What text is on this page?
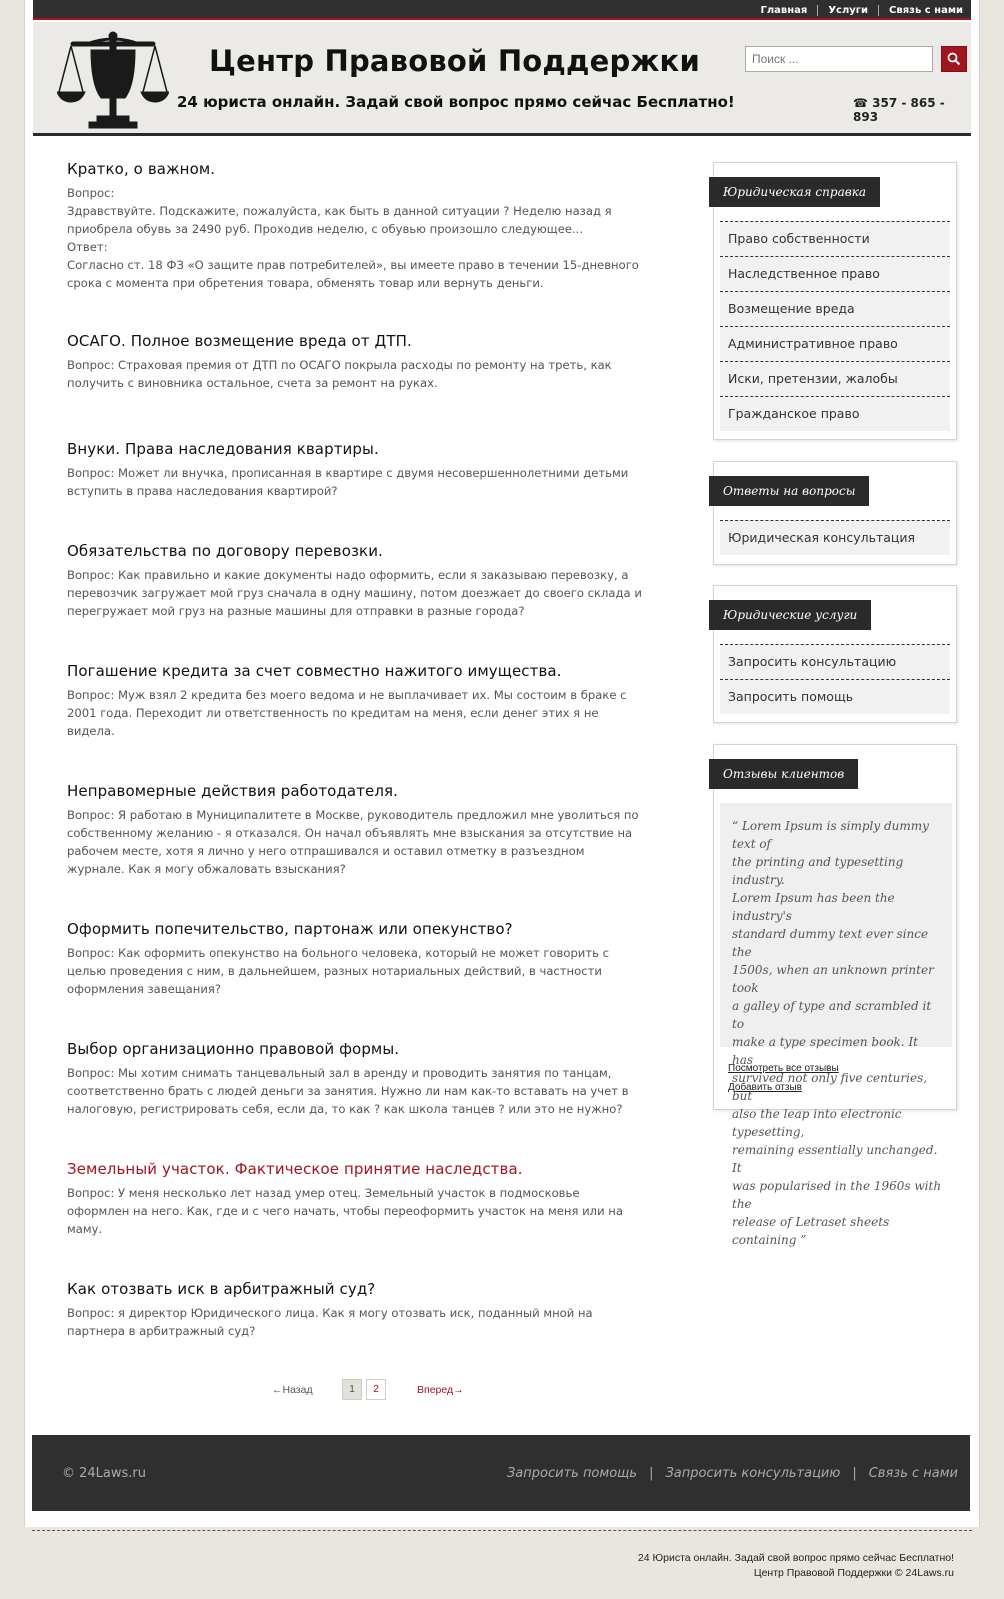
Главная Услуги Связь с нами
Центр Правовой Поддержки
24 юриста онлайн. Задай свой вопрос прямо сейчас Бесплатно!
Поиск ...	☎ 357 - 865 - 893
Кратко, о важном.

Вопрос:
Здравствуйте. Подскажите, пожалуйста, как быть в данной ситуации ? Неделю назад я
приобрела обувь за 2490 руб. Проходив неделю, с обувью произошло следующее...
Ответ:
Согласно ст. 18 ФЗ «О защите прав потребителей», вы имеете право в течении 15-дневного
срока с момента при обретения товара, обменять товар или вернуть деньги.

ОСАГО. Полное возмещение вреда от ДТП.

Вопрос: Страховая премия от ДТП по ОСАГО покрыла расходы по ремонту на треть, как
получить с виновника остальное, счета за ремонт на руках.

Внуки. Права наследования квартиры.

Вопрос: Может ли внучка, прописанная в квартире с двумя несовершеннолетними детьми
вступить в права наследования квартирой?

Обязательства по договору перевозки.

Вопрос: Как правильно и какие документы надо оформить, если я заказываю перевозку, а
перевозчик загружает мой груз сначала в одну машину, потом доезжает до своего склада и
перегружает мой груз на разные машины для отправки в разные города?

Погашение кредита за счет совместно нажитого имущества.

Вопрос: Муж взял 2 кредита без моего ведома и не выплачивает их. Мы состоим в браке с
2001 года. Переходит ли ответственность по кредитам на меня, если денег этих я не
видела.

Неправомерные действия работодателя.

Вопрос: Я работаю в Муниципалитете в Москве, руководитель предложил мне уволиться по
собственному желанию - я отказался. Он начал объявлять мне взыскания за отсутствие на
рабочем месте, хотя я лично у него отпрашивался и оставил отметку в разъездном
журнале. Как я могу обжаловать взыскания?

Оформить попечительство, партонаж или опекунство?

Вопрос: Как оформить опекунство на больного человека, который не может говорить с
целью проведения с ним, в дальнейшем, разных нотариальных действий, в частности
оформления завещания?

Выбор организационно правовой формы.

Вопрос: Мы хотим снимать танцевальный зал в аренду и проводить занятия по танцам,
соответственно брать с людей деньги за занятия. Нужно ли нам как-то вставать на учет в
налоговую, регистрировать себя, если да, то как ? как школа танцев ? или это не нужно?

Земельный участок. Фактическое принятие наследства.

Вопрос: У меня несколько лет назад умер отец. Земельный участок в подмосковье
оформлен на него. Как, где и с чего начать, чтобы переоформить участок на меня или на
маму.

Как отозвать иск в арбитражный суд?

Вопрос: я директор Юридического лица. Как я могу отозвать иск, поданный мной на
партнера в арбитражный суд?

←Назад	1	2	Вперед→
Юридическая справка
Право собственности
Наследственное право
Возмещение вреда
Административное право
Иски, претензии, жалобы
Гражданское право
Ответы на вопросы
Юридическая консультация
Юридические услуги
Запросить консультацию
Запросить помощь
Отзывы клиентов
“ Lorem Ipsum is simply dummy text of
the printing and typesetting industry.
Lorem Ipsum has been the industry's
standard dummy text ever since the
1500s, when an unknown printer took
a galley of type and scrambled it to
make a type specimen book. It has
survived not only five centuries, but
also the leap into electronic typesetting,
remaining essentially unchanged. It
was popularised in the 1960s with the
release of Letraset sheets containing ”
Посмотреть все отзывы
Добавить отзыв
© 24Laws.ru	Запросить помощь | Запросить консультацию | Связь с нами
24 Юриста онлайн. Задай свой вопрос прямо сейчас Бесплатно!
Центр Правовой Поддержки © 24Laws.ru
